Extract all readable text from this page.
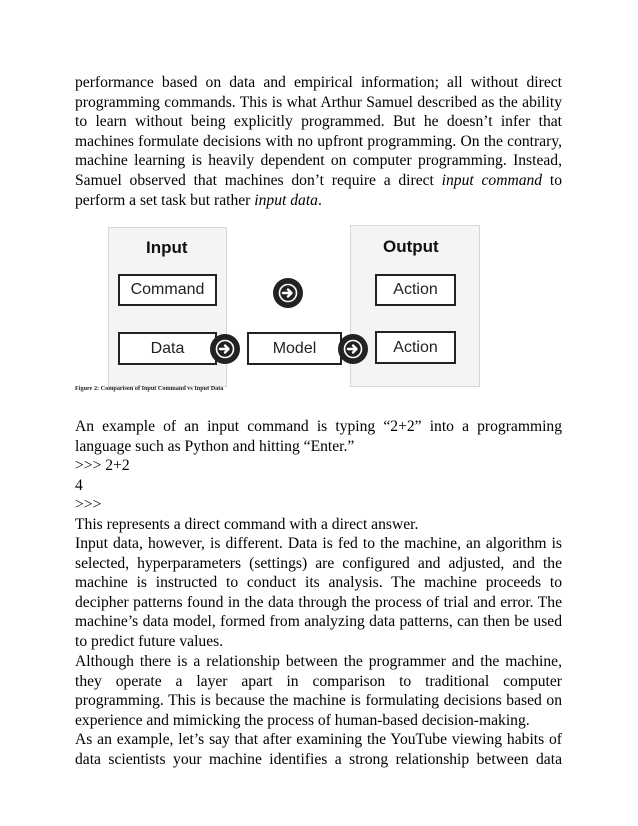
performance based on data and empirical information; all without direct
programming commands. This is what Arthur Samuel described as the ability
to learn without being explicitly programmed. But he doesn’t infer that
machines formulate decisions with no upfront programming. On the contrary,
machine learning is heavily dependent on computer programming. Instead,
Samuel observed that machines don’t require a direct input command to
perform a set task but rather input data.

Input	Output
Command
Data	Model
Action
Action
Figure 2: Comparison of Input Command vs Input Data

An example of an input command is typing “2+2” into a programming
language such as Python and hitting “Enter.”

>>> 2+2

4

>>>

This represents a direct command with a direct answer.

Input data, however, is different. Data is fed to the machine, an algorithm is
selected, hyperparameters (settings) are configured and adjusted, and the
machine is instructed to conduct its analysis. The machine proceeds to
decipher patterns found in the data through the process of trial and error. The
machine’s data model, formed from analyzing data patterns, can then be used
to predict future values.

Although there is a relationship between the programmer and the machine,
they operate a layer apart in comparison to traditional computer
programming. This is because the machine is formulating decisions based on
experience and mimicking the process of human-based decision-making.

As an example, let’s say that after examining the YouTube viewing habits of
data scientists your machine identifies a strong relationship between data
